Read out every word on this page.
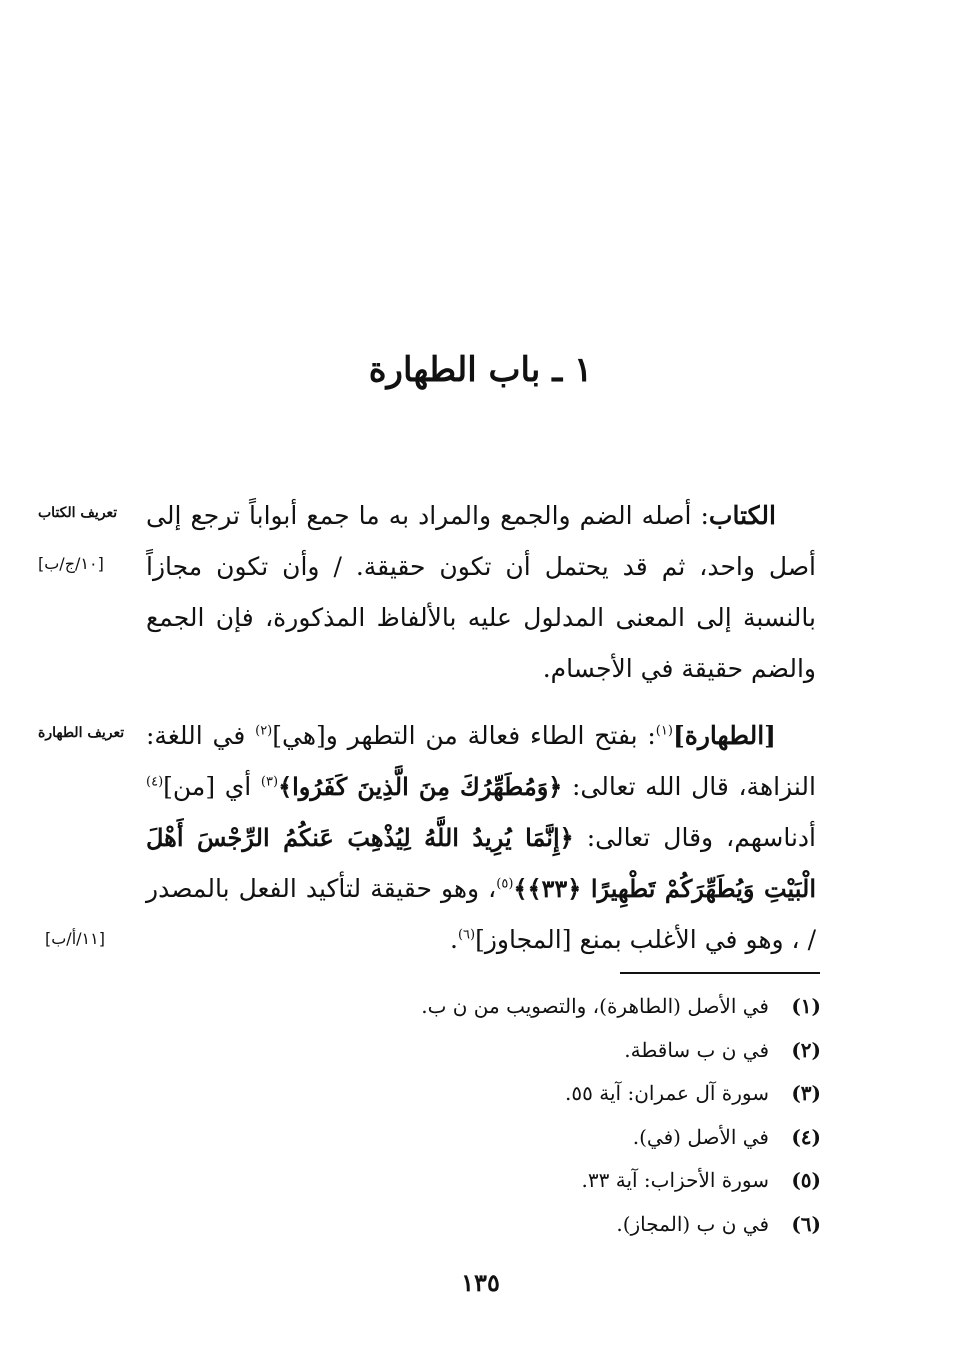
١ ـ باب الطهارة

الكتاب: أصله الضم والجمع والمراد به ما جمع أبواباً ترجع إلى أصل واحد، ثم قد يحتمل أن تكون حقيقة. / وأن تكون مجازاً بالنسبة إلى المعنى المدلول عليه بالألفاظ المذكورة، فإن الجمع والضم حقيقة في الأجسام.

[الطهارة]$^{(١)}$: بفتح الطاء فعالة من التطهر و[هي]$^{(٢)}$ في اللغة: النزاهة، قال الله تعالى: ﴿وَمُطَهِّرُكَ مِنَ الَّذِينَ كَفَرُوا﴾$^{(٣)}$ أي [من]$^{(٤)}$ أدناسهم، وقال تعالى: ﴿إِنَّمَا يُرِيدُ اللَّهُ لِيُذْهِبَ عَنكُمُ الرِّجْسَ أَهْلَ الْبَيْتِ وَيُطَهِّرَكُمْ تَطْهِيرًا ﴿٣٣﴾﴾$^{(٥)}$، وهو حقيقة لتأكيد الفعل بالمصدر / ، وهو في الأغلب بمنع [المجاوز]$^{(٦)}$.

تعريف الكتاب
[١٠/ج/ب]
تعريف الطهارة
[١١/أ/ب]
(١)في الأصل (الطاهرة)، والتصويب من ن ب.
(٢)في ن ب ساقطة.
(٣)سورة آل عمران: آية ٥٥.
(٤)في الأصل (في).
(٥)سورة الأحزاب: آية ٣٣.
(٦)في ن ب (المجاز).
١٣٥
